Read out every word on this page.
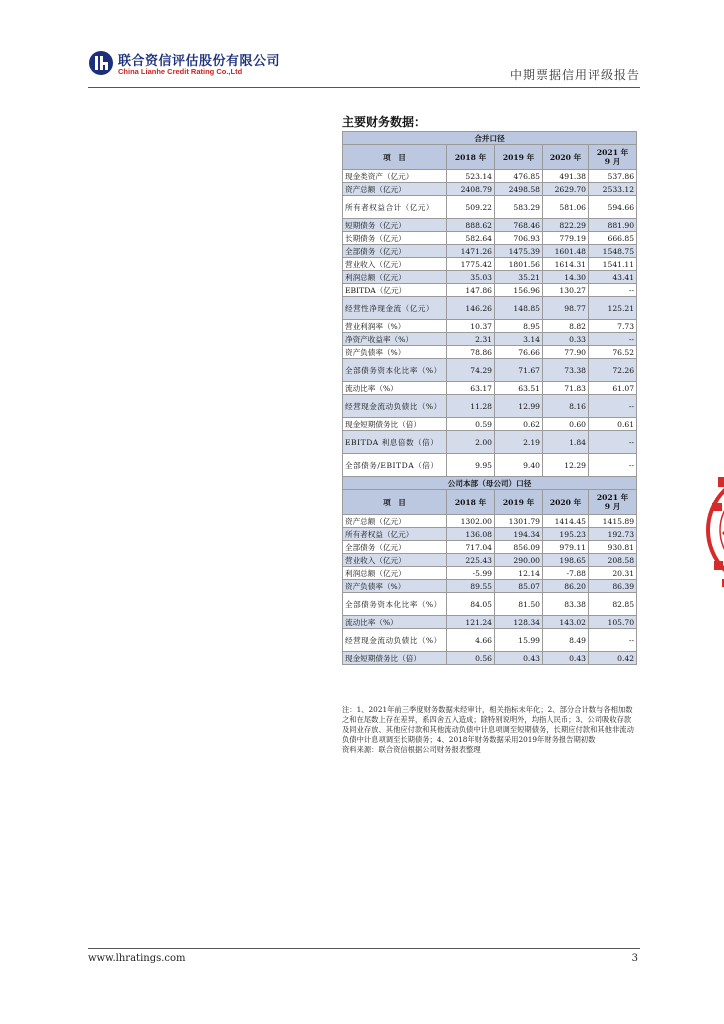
联合资信评估股份有限公司
China Lianhe Credit Rating Co.,Ltd	中期票据信用评级报告
主要财务数据：
合并口径				
项　目	2018 年	2019 年	2020 年	2021 年
9 月
现金类资产（亿元）	523.14	476.85	491.38	537.86
资产总额（亿元）	2408.79	2498.58	2629.70	2533.12
所有者权益合计（亿元）	509.22	583.29	581.06	594.66
短期债务（亿元）	888.62	768.46	822.29	881.90
长期债务（亿元）	582.64	706.93	779.19	666.85
全部债务（亿元）	1471.26	1475.39	1601.48	1548.75
营业收入（亿元）	1775.42	1801.56	1614.31	1541.11
利润总额（亿元）	35.03	35.21	14.30	43.41
EBITDA（亿元）	147.86	156.96	130.27	--
经营性净现金流（亿元）	146.26	148.85	98.77	125.21
营业利润率（%）	10.37	8.95	8.82	7.73
净资产收益率（%）	2.31	3.14	0.33	--
资产负债率（%）	78.86	76.66	77.90	76.52
全部债务资本化比率（%）	74.29	71.67	73.38	72.26
流动比率（%）	63.17	63.51	71.83	61.07
经营现金流动负债比（%）	11.28	12.99	8.16	--
现金短期债务比（倍）	0.59	0.62	0.60	0.61
EBITDA 利息倍数（倍）	2.00	2.19	1.84	--
全部债务/EBITDA（倍）	9.95	9.40	12.29	--
公司本部（母公司）口径				
项　目	2018 年	2019 年	2020 年	2021 年
9 月
资产总额（亿元）	1302.00	1301.79	1414.45	1415.89
所有者权益（亿元）	136.08	194.34	195.23	192.73
全部债务（亿元）	717.04	856.09	979.11	930.81
营业收入（亿元）	225.43	290.00	198.65	208.58
利润总额（亿元）	-5.99	12.14	-7.88	20.31
资产负债率（%）	89.55	85.07	86.20	86.39
全部债务资本化比率（%）	84.05	81.50	83.38	82.85
流动比率（%）	121.24	128.34	143.02	105.70
经营现金流动负债比（%）	4.66	15.99	8.49	--
现金短期债务比（倍）	0.56	0.43	0.43	0.42

注：1、2021年前三季度财务数据未经审计，相关指标未年化；2、部分合计数与各相加数之和在尾数上存在差异，系四舍五入造成；除特别说明外，均指人民币；3、公司吸收存款及同业存放、其他应付款和其他流动负债中计息项调至短期债务，长期应付款和其他非流动负债中计息项调至长期债务；4、2018年财务数据采用2019年财务报告期初数

资料来源：联合资信根据公司财务报表整理

www.lhratings.com	3
